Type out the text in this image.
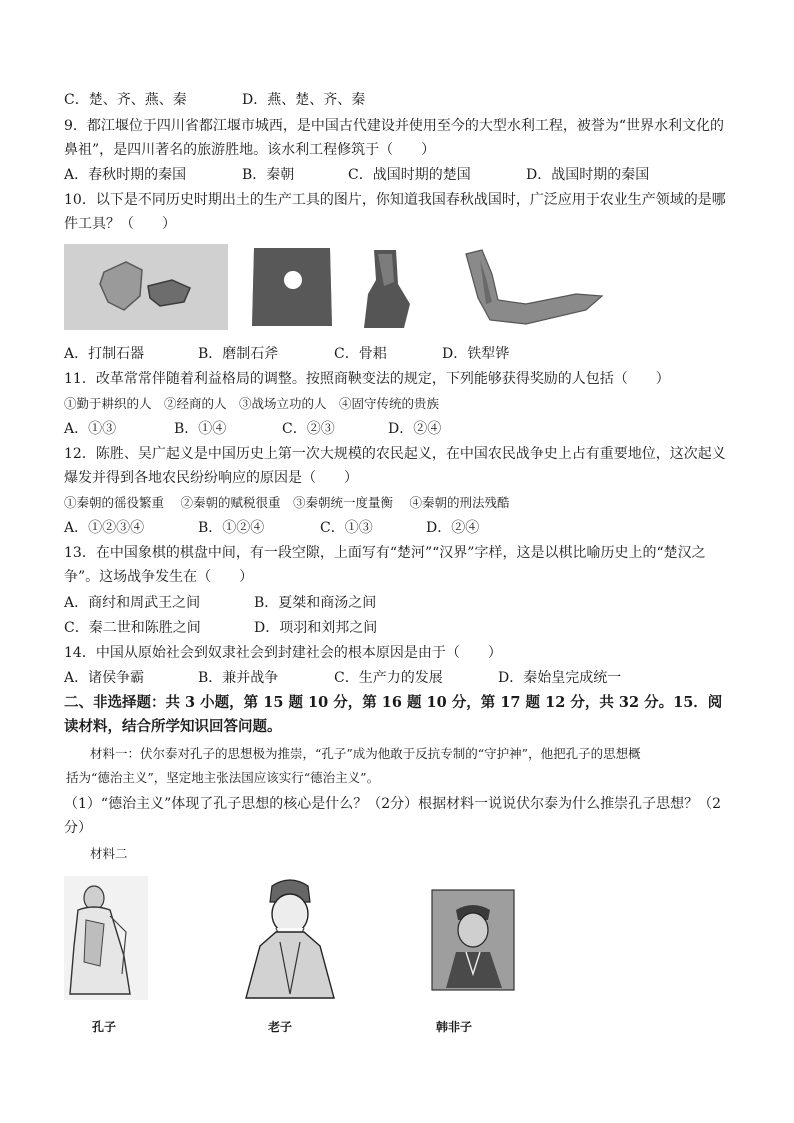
C．楚、齐、燕、秦	D．燕、楚、齐、秦
9．都江堰位于四川省都江堰市城西，是中国古代建设并使用至今的大型水利工程，被誉为“世界水利文化的
鼻祖”，是四川著名的旅游胜地。该水利工程修筑于（　　）
A．春秋时期的秦国	B．秦朝	C．战国时期的楚国	D．战国时期的秦国
10．以下是不同历史时期出土的生产工具的图片，你知道我国春秋战国时，广泛应用于农业生产领域的是哪
件工具？（　　）
A．打制石器	B．磨制石斧	C．骨耜	D．铁犁铧
11．改革常常伴随着利益格局的调整。按照商鞅变法的规定，下列能够获得奖励的人包括（　　）
①勤于耕织的人　②经商的人　③战场立功的人　④固守传统的贵族
A．①③	B．①④	C．②③	D．②④
12．陈胜、吴广起义是中国历史上第一次大规模的农民起义，在中国农民战争史上占有重要地位，这次起义
爆发并得到各地农民纷纷响应的原因是（　　）
①秦朝的徭役繁重　 ②秦朝的赋税很重　③秦朝统一度量衡　 ④秦朝的刑法残酷
A．①②③④	B．①②④	C．①③	D．②④
13．在中国象棋的棋盘中间，有一段空隙，上面写有“楚河”“汉界”字样，这是以棋比喻历史上的“楚汉之
争”。这场战争发生在（　　）
A．商纣和周武王之间	B．夏桀和商汤之间
C．秦二世和陈胜之间	D．项羽和刘邦之间
14．中国从原始社会到奴隶社会到封建社会的根本原因是由于（　　）
A．诸侯争霸	B．兼并战争	C．生产力的发展	D．秦始皇完成统一
二、非选择题：共 3 小题，第 15 题 10 分，第 16 题 10 分，第 17 题 12 分，共 32 分。15．阅
读材料，结合所学知识回答问题。
材料一：伏尔泰对孔子的思想极为推崇，“孔子”成为他敢于反抗专制的“守护神”，他把孔子的思想概
括为“德治主义”，坚定地主张法国应该实行“德治主义”。
（1）“德治主义”体现了孔子思想的核心是什么？（2分）根据材料一说说伏尔泰为什么推崇孔子思想？（2
分）
材料二
孔子	老子	韩非子
